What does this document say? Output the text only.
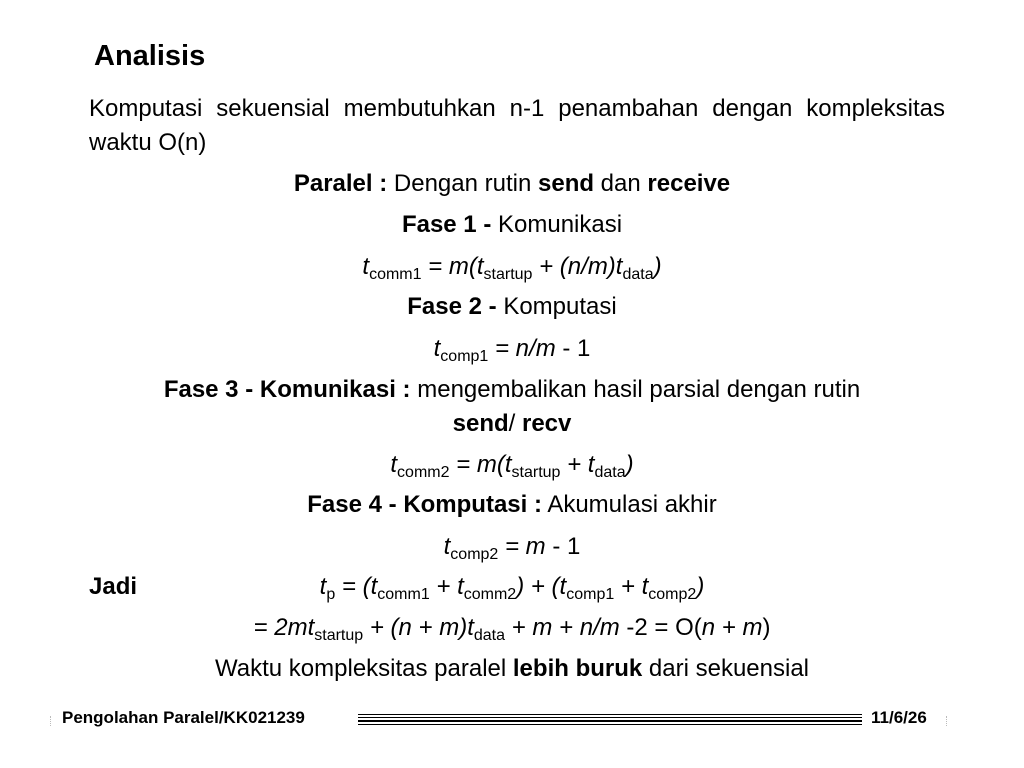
Analisis
Komputasi sekuensial membutuhkan n-1 penambahan dengan kompleksitas waktu O(n)
Paralel : Dengan rutin send dan receive
Fase 1 - Komunikasi
$t_{comm1} = m(t_{startup} + (n/m)t_{data})$
Fase 2 - Komputasi
$t_{comp1} = n/m - 1$
Fase 3 - Komunikasi : mengembalikan hasil parsial dengan rutin
send/ recv
$t_{comm2} = m(t_{startup} + t_{data})$
Fase 4 - Komputasi : Akumulasi akhir
$t_{comp2} = m - 1$
Jadi	$t_p = (t_{comm1} + t_{comm2}) + (t_{comp1} + t_{comp2})$
= $2mt_{startup} + (n + m)t_{data} + m + n/m$ -2 = O(n + m)
Waktu kompleksitas paralel lebih buruk dari sekuensial
Pengolahan Paralel/KK021239	11/6/26
